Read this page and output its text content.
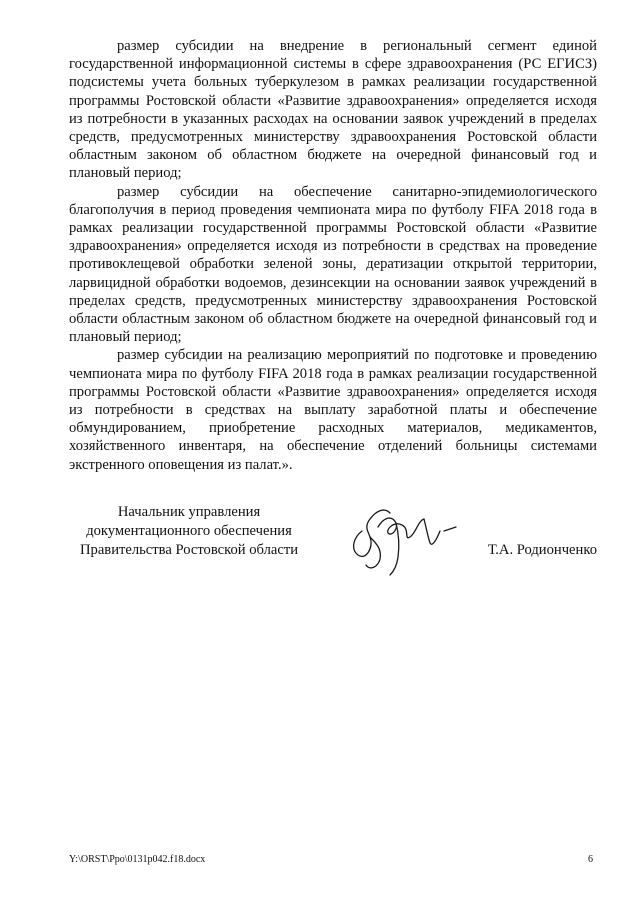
размер субсидии на внедрение в региональный сегмент единой государственной информационной системы в сфере здравоохранения (РС ЕГИСЗ) подсистемы учета больных туберкулезом в рамках реализации государственной программы Ростовской области «Развитие здравоохранения» определяется исходя из потребности в указанных расходах на основании заявок учреждений в пределах средств, предусмотренных министерству здравоохранения Ростовской области областным законом об областном бюджете на очередной финансовый год и плановый период;

размер субсидии на обеспечение санитарно-эпидемиологического благополучия в период проведения чемпионата мира по футболу FIFA 2018 года в рамках реализации государственной программы Ростовской области «Развитие здравоохранения» определяется исходя из потребности в средствах на проведение противоклещевой обработки зеленой зоны, дератизации открытой территории, ларвицидной обработки водоемов, дезинсекции на основании заявок учреждений в пределах средств, предусмотренных министерству здравоохранения Ростовской области областным законом об областном бюджете на очередной финансовый год и плановый период;

размер субсидии на реализацию мероприятий по подготовке и проведению чемпионата мира по футболу FIFA 2018 года в рамках реализации государственной программы Ростовской области «Развитие здравоохранения» определяется исходя из потребности в средствах на выплату заработной платы и обеспечение обмундированием, приобретение расходных материалов, медикаментов, хозяйственного инвентаря, на обеспечение отделений больницы системами экстренного оповещения из палат.».

Начальник управления
документационного обеспечения
Правительства Ростовской области	Т.А. Родионченко
Y:\ORST\Ppo\0131p042.f18.docx	6
